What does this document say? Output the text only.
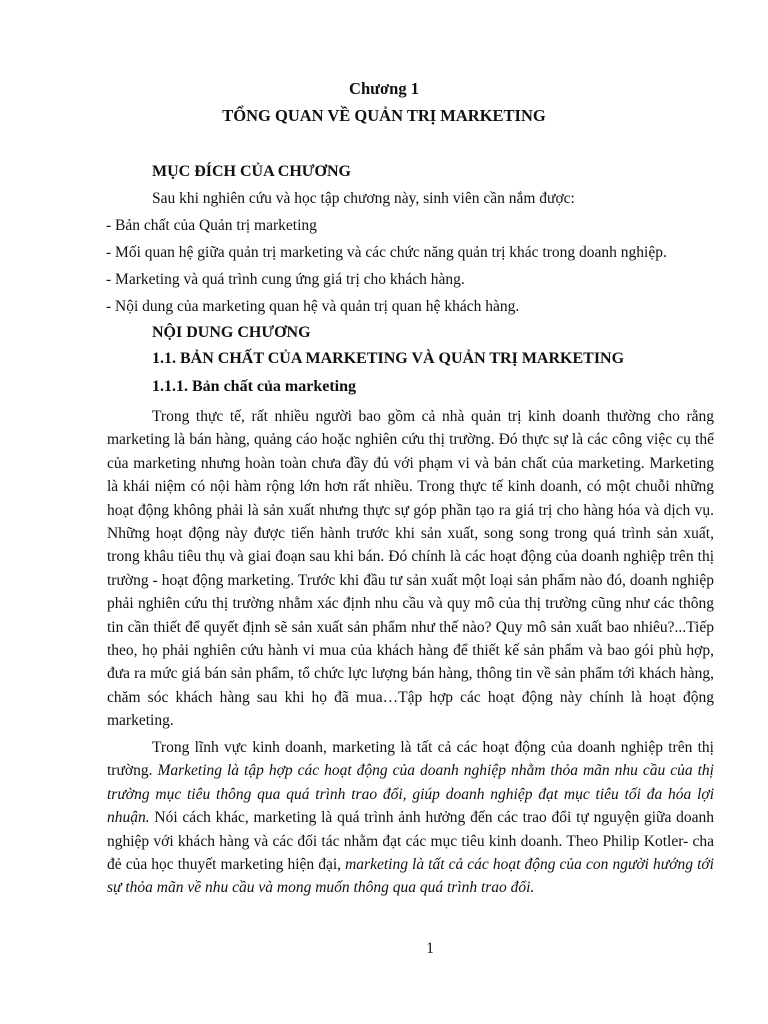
Chương 1
TỔNG QUAN VỀ QUẢN TRỊ MARKETING
MỤC ĐÍCH CỦA CHƯƠNG
Sau khi nghiên cứu và học tập chương này, sinh viên cần nắm được:
- Bản chất của Quản trị marketing
- Mối quan hệ giữa quản trị marketing và các chức năng quản trị khác trong doanh nghiệp.
- Marketing và quá trình cung ứng giá trị cho khách hàng.
- Nội dung của marketing quan hệ và quản trị quan hệ khách hàng.
NỘI DUNG CHƯƠNG
1.1. BẢN CHẤT CỦA MARKETING VÀ QUẢN TRỊ MARKETING
1.1.1. Bản chất của marketing
Trong thực tế, rất nhiều người bao gồm cả nhà quản trị kinh doanh thường cho rằng marketing là bán hàng, quảng cáo hoặc nghiên cứu thị trường. Đó thực sự là các công việc cụ thể của marketing nhưng hoàn toàn chưa đầy đủ với phạm vi và bản chất của marketing. Marketing là khái niệm có nội hàm rộng lớn hơn rất nhiều. Trong thực tế kinh doanh, có một chuỗi những hoạt động không phải là sản xuất nhưng thực sự góp phần tạo ra giá trị cho hàng hóa và dịch vụ. Những hoạt động này được tiến hành trước khi sản xuất, song song trong quá trình sản xuất, trong khâu tiêu thụ và giai đoạn sau khi bán. Đó chính là các hoạt động của doanh nghiệp trên thị trường - hoạt động marketing. Trước khi đầu tư sản xuất một loại sản phẩm nào đó, doanh nghiệp phải nghiên cứu thị trường nhằm xác định nhu cầu và quy mô của thị trường cũng như các thông tin cần thiết để quyết định sẽ sản xuất sản phẩm như thế nào? Quy mô sản xuất bao nhiêu?...Tiếp theo, họ phải nghiên cứu hành vi mua của khách hàng để thiết kế sản phẩm và bao gói phù hợp, đưa ra mức giá bán sản phẩm, tổ chức lực lượng bán hàng, thông tin về sản phẩm tới khách hàng, chăm sóc khách hàng sau khi họ đã mua…Tập hợp các hoạt động này chính là hoạt động marketing.
Trong lĩnh vực kinh doanh, marketing là tất cả các hoạt động của doanh nghiệp trên thị trường. Marketing là tập hợp các hoạt động của doanh nghiệp nhằm thỏa mãn nhu cầu của thị trường mục tiêu thông qua quá trình trao đổi, giúp doanh nghiệp đạt mục tiêu tối đa hóa lợi nhuận. Nói cách khác, marketing là quá trình ảnh hưởng đến các trao đổi tự nguyện giữa doanh nghiệp với khách hàng và các đối tác nhằm đạt các mục tiêu kinh doanh. Theo Philip Kotler- cha đẻ của học thuyết marketing hiện đại, marketing là tất cả các hoạt động của con người hướng tới sự thỏa mãn về nhu cầu và mong muốn thông qua quá trình trao đổi.
1
